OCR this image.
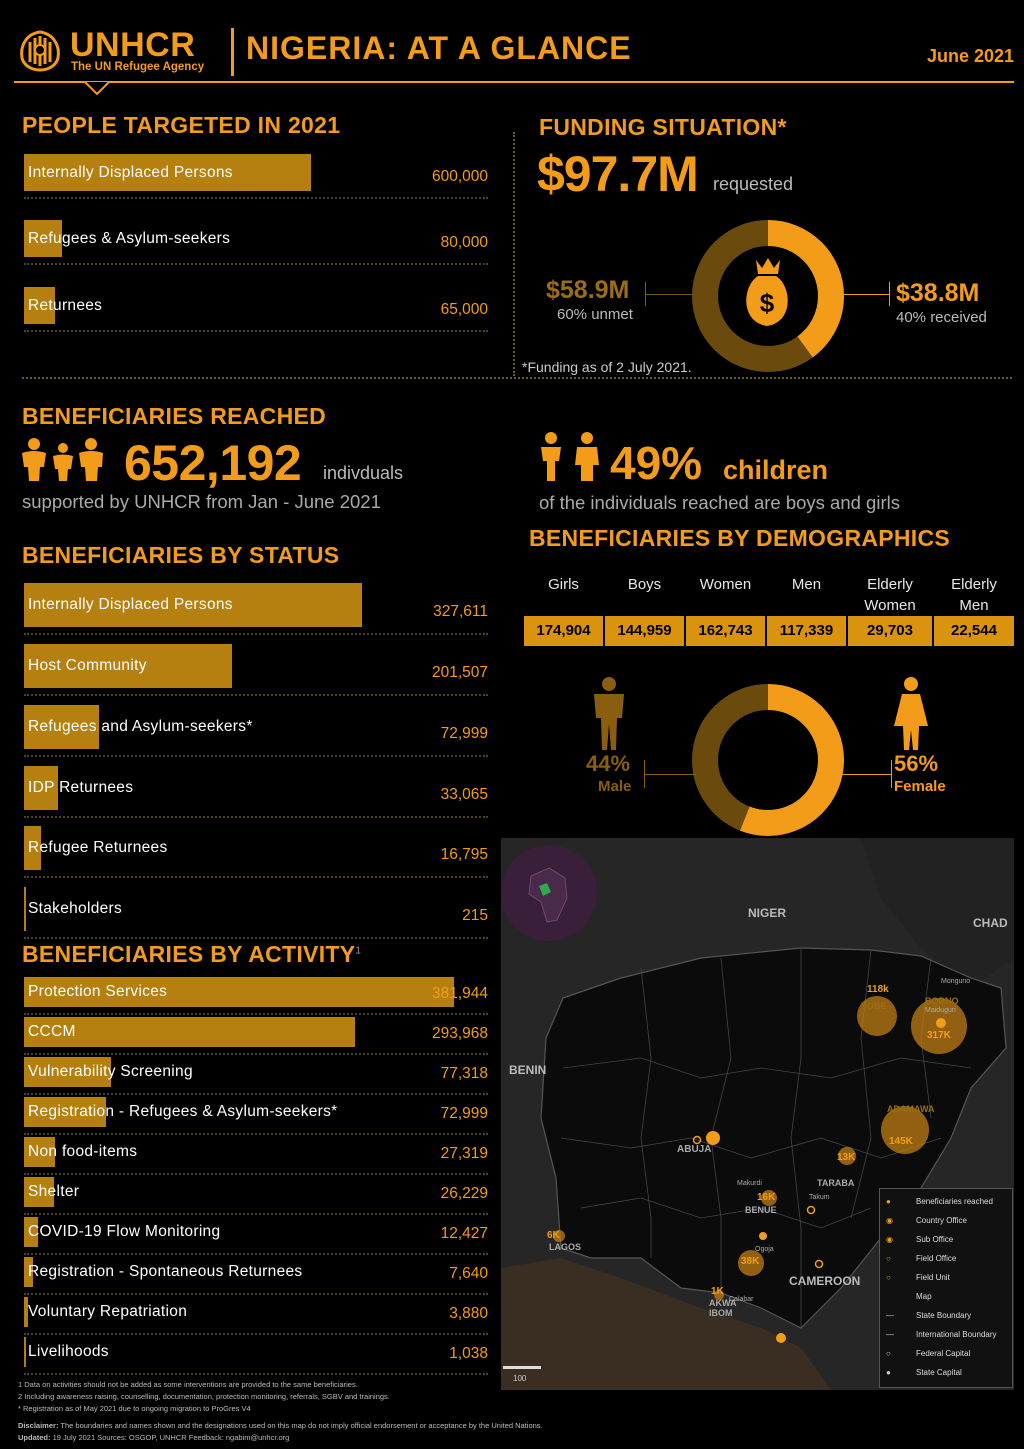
UNHCR
The UN Refugee Agency
NIGERIA: AT A GLANCE	June 2021
PEOPLE TARGETED IN 2021
Internally Displaced Persons	600,000
Refugees & Asylum-seekers	80,000
Returnees	65,000
FUNDING SITUATION*
$97.7M requested
$
$58.9M
60% unmet
$38.8M
40% received
*Funding as of 2 July 2021.
BENEFICIARIES REACHED
652,192 indivduals
supported by UNHCR from Jan - June 2021
49% children
of the individuals reached are boys and girls
BENEFICIARIES BY STATUS
Internally Displaced Persons	327,611
Host Community	201,507
Refugees and Asylum-seekers*	72,999
IDP Returnees	33,065
Refugee Returnees	16,795
Stakeholders	215
BENEFICIARIES BY ACTIVITY$^1$
Protection Services	381,944
CCCM	293,968
Vulnerability Screening	77,318
Registration - Refugees & Asylum-seekers*	72,999
Non food-items	27,319
Shelter	26,229
COVID-19 Flow Monitoring	12,427
Registration - Spontaneous Returnees	7,640
Voluntary Repatriation	3,880
Livelihoods	1,038
BENEFICIARIES BY DEMOGRAPHICS
Girls
174,904
Boys
144,959
Women
162,743
Men
117,339
Elderly
Women
29,703
Elderly
Men
22,544
44%
Male
56%
Female
NIGER
CHAD
BENIN
CAMEROON
ABUJA
TARABA
BENUE
ADAMAWA
BORNO
YOBE
LAGOS
AKWA IBOM
Maiduguri
Monguno
Makurdi
Ogoja
Takum
Calabar
118k
317K
145K
13K
16K
38K
6K
1K
100
●	Beneficiaries reached
◉	Country Office
◉	Sub Office
○	Field Office
○	Field Unit
Map
—	State Boundary
—	International Boundary
○	Federal Capital
●	State Capital
1 Data on activities should not be added as some interventions are provided to the same beneficiaries.
2 Including awareness raising, counselling, documentation, protection monitoring, referrals, SGBV and trainings.
* Registration as of May 2021 due to ongoing migration to ProGres V4
Disclaimer: The boundaries and names shown and the designations used on this map do not imply official endorsement or acceptance by the United Nations.
Updated: 19 July 2021 Sources: OSGOP, UNHCR Feedback: ngabim@unhcr.org
